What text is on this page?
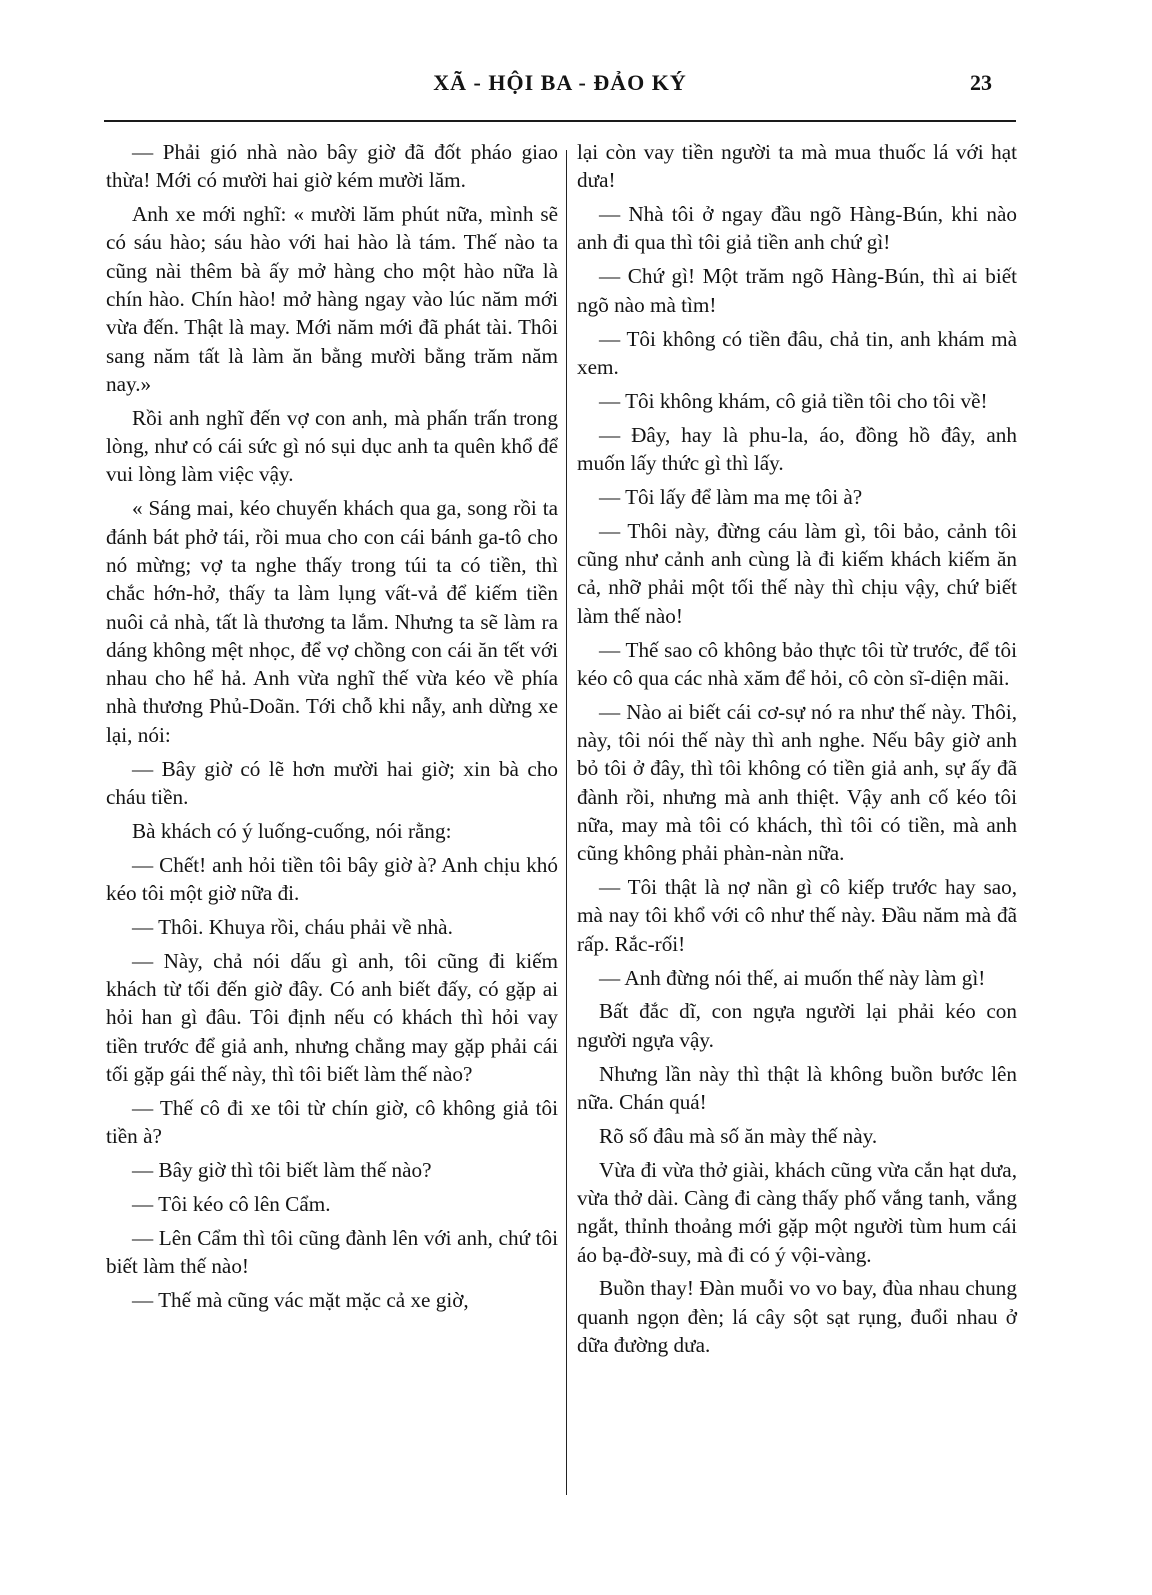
XÃ - HỘI BA - ĐẢO KÝ	23

— Phải gió nhà nào bây giờ đã đốt pháo giao thừa! Mới có mười hai giờ kém mười lăm.

Anh xe mới nghĩ: « mười lăm phút nữa, mình sẽ có sáu hào; sáu hào với hai hào là tám. Thế nào ta cũng nài thêm bà ấy mở hàng cho một hào nữa là chín hào. Chín hào! mở hàng ngay vào lúc năm mới vừa đến. Thật là may. Mới năm mới đã phát tài. Thôi sang năm tất là làm ăn bằng mười bằng trăm năm nay.»

Rồi anh nghĩ đến vợ con anh, mà phấn trấn trong lòng, như có cái sức gì nó sụi dục anh ta quên khổ để vui lòng làm việc vậy.

« Sáng mai, kéo chuyến khách qua ga, song rồi ta đánh bát phở tái, rồi mua cho con cái bánh ga-tô cho nó mừng; vợ ta nghe thấy trong túi ta có tiền, thì chắc hớn-hở, thấy ta làm lụng vất-vả để kiếm tiền nuôi cả nhà, tất là thương ta lắm. Nhưng ta sẽ làm ra dáng không mệt nhọc, để vợ chồng con cái ăn tết với nhau cho hể hả. Anh vừa nghĩ thế vừa kéo về phía nhà thương Phủ-Doãn. Tới chỗ khi nẫy, anh dừng xe lại, nói:

— Bây giờ có lẽ hơn mười hai giờ; xin bà cho cháu tiền.

Bà khách có ý luống-cuống, nói rằng:

— Chết! anh hỏi tiền tôi bây giờ à? Anh chịu khó kéo tôi một giờ nữa đi.

— Thôi. Khuya rồi, cháu phải về nhà.

— Này, chả nói dấu gì anh, tôi cũng đi kiếm khách từ tối đến giờ đây. Có anh biết đấy, có gặp ai hỏi han gì đâu. Tôi định nếu có khách thì hỏi vay tiền trước để giả anh, nhưng chẳng may gặp phải cái tối gặp gái thế này, thì tôi biết làm thế nào?

— Thế cô đi xe tôi từ chín giờ, cô không giả tôi tiền à?

— Bây giờ thì tôi biết làm thế nào?

— Tôi kéo cô lên Cẩm.

— Lên Cẩm thì tôi cũng đành lên với anh, chứ tôi biết làm thế nào!

— Thế mà cũng vác mặt mặc cả xe giờ,

lại còn vay tiền người ta mà mua thuốc lá với hạt dưa!

— Nhà tôi ở ngay đầu ngõ Hàng-Bún, khi nào anh đi qua thì tôi giả tiền anh chứ gì!

— Chứ gì! Một trăm ngõ Hàng-Bún, thì ai biết ngõ nào mà tìm!

— Tôi không có tiền đâu, chả tin, anh khám mà xem.

— Tôi không khám, cô giả tiền tôi cho tôi về!

— Đây, hay là phu-la, áo, đồng hồ đây, anh muốn lấy thức gì thì lấy.

— Tôi lấy để làm ma mẹ tôi à?

— Thôi này, đừng cáu làm gì, tôi bảo, cảnh tôi cũng như cảnh anh cùng là đi kiếm khách kiếm ăn cả, nhỡ phải một tối thế này thì chịu vậy, chứ biết làm thế nào!

— Thế sao cô không bảo thực tôi từ trước, để tôi kéo cô qua các nhà xăm để hỏi, cô còn sĩ-diện mãi.

— Nào ai biết cái cơ-sự nó ra như thế này. Thôi, này, tôi nói thế này thì anh nghe. Nếu bây giờ anh bỏ tôi ở đây, thì tôi không có tiền giả anh, sự ấy đã đành rồi, nhưng mà anh thiệt. Vậy anh cố kéo tôi nữa, may mà tôi có khách, thì tôi có tiền, mà anh cũng không phải phàn-nàn nữa.

— Tôi thật là nợ nần gì cô kiếp trước hay sao, mà nay tôi khổ với cô như thế này. Đầu năm mà đã rấp. Rắc-rối!

— Anh đừng nói thế, ai muốn thế này làm gì!

Bất đắc dĩ, con ngựa người lại phải kéo con người ngựa vậy.

Nhưng lần này thì thật là không buồn bước lên nữa. Chán quá!

Rõ số đâu mà số ăn mày thế này.

Vừa đi vừa thở giài, khách cũng vừa cắn hạt dưa, vừa thở dài. Càng đi càng thấy phố vắng tanh, vắng ngắt, thỉnh thoảng mới gặp một người tùm hum cái áo bạ-đờ-suy, mà đi có ý vội-vàng.

Buồn thay! Đàn muỗi vo vo bay, đùa nhau chung quanh ngọn đèn; lá cây sột sạt rụng, đuổi nhau ở dữa đường dưa.
